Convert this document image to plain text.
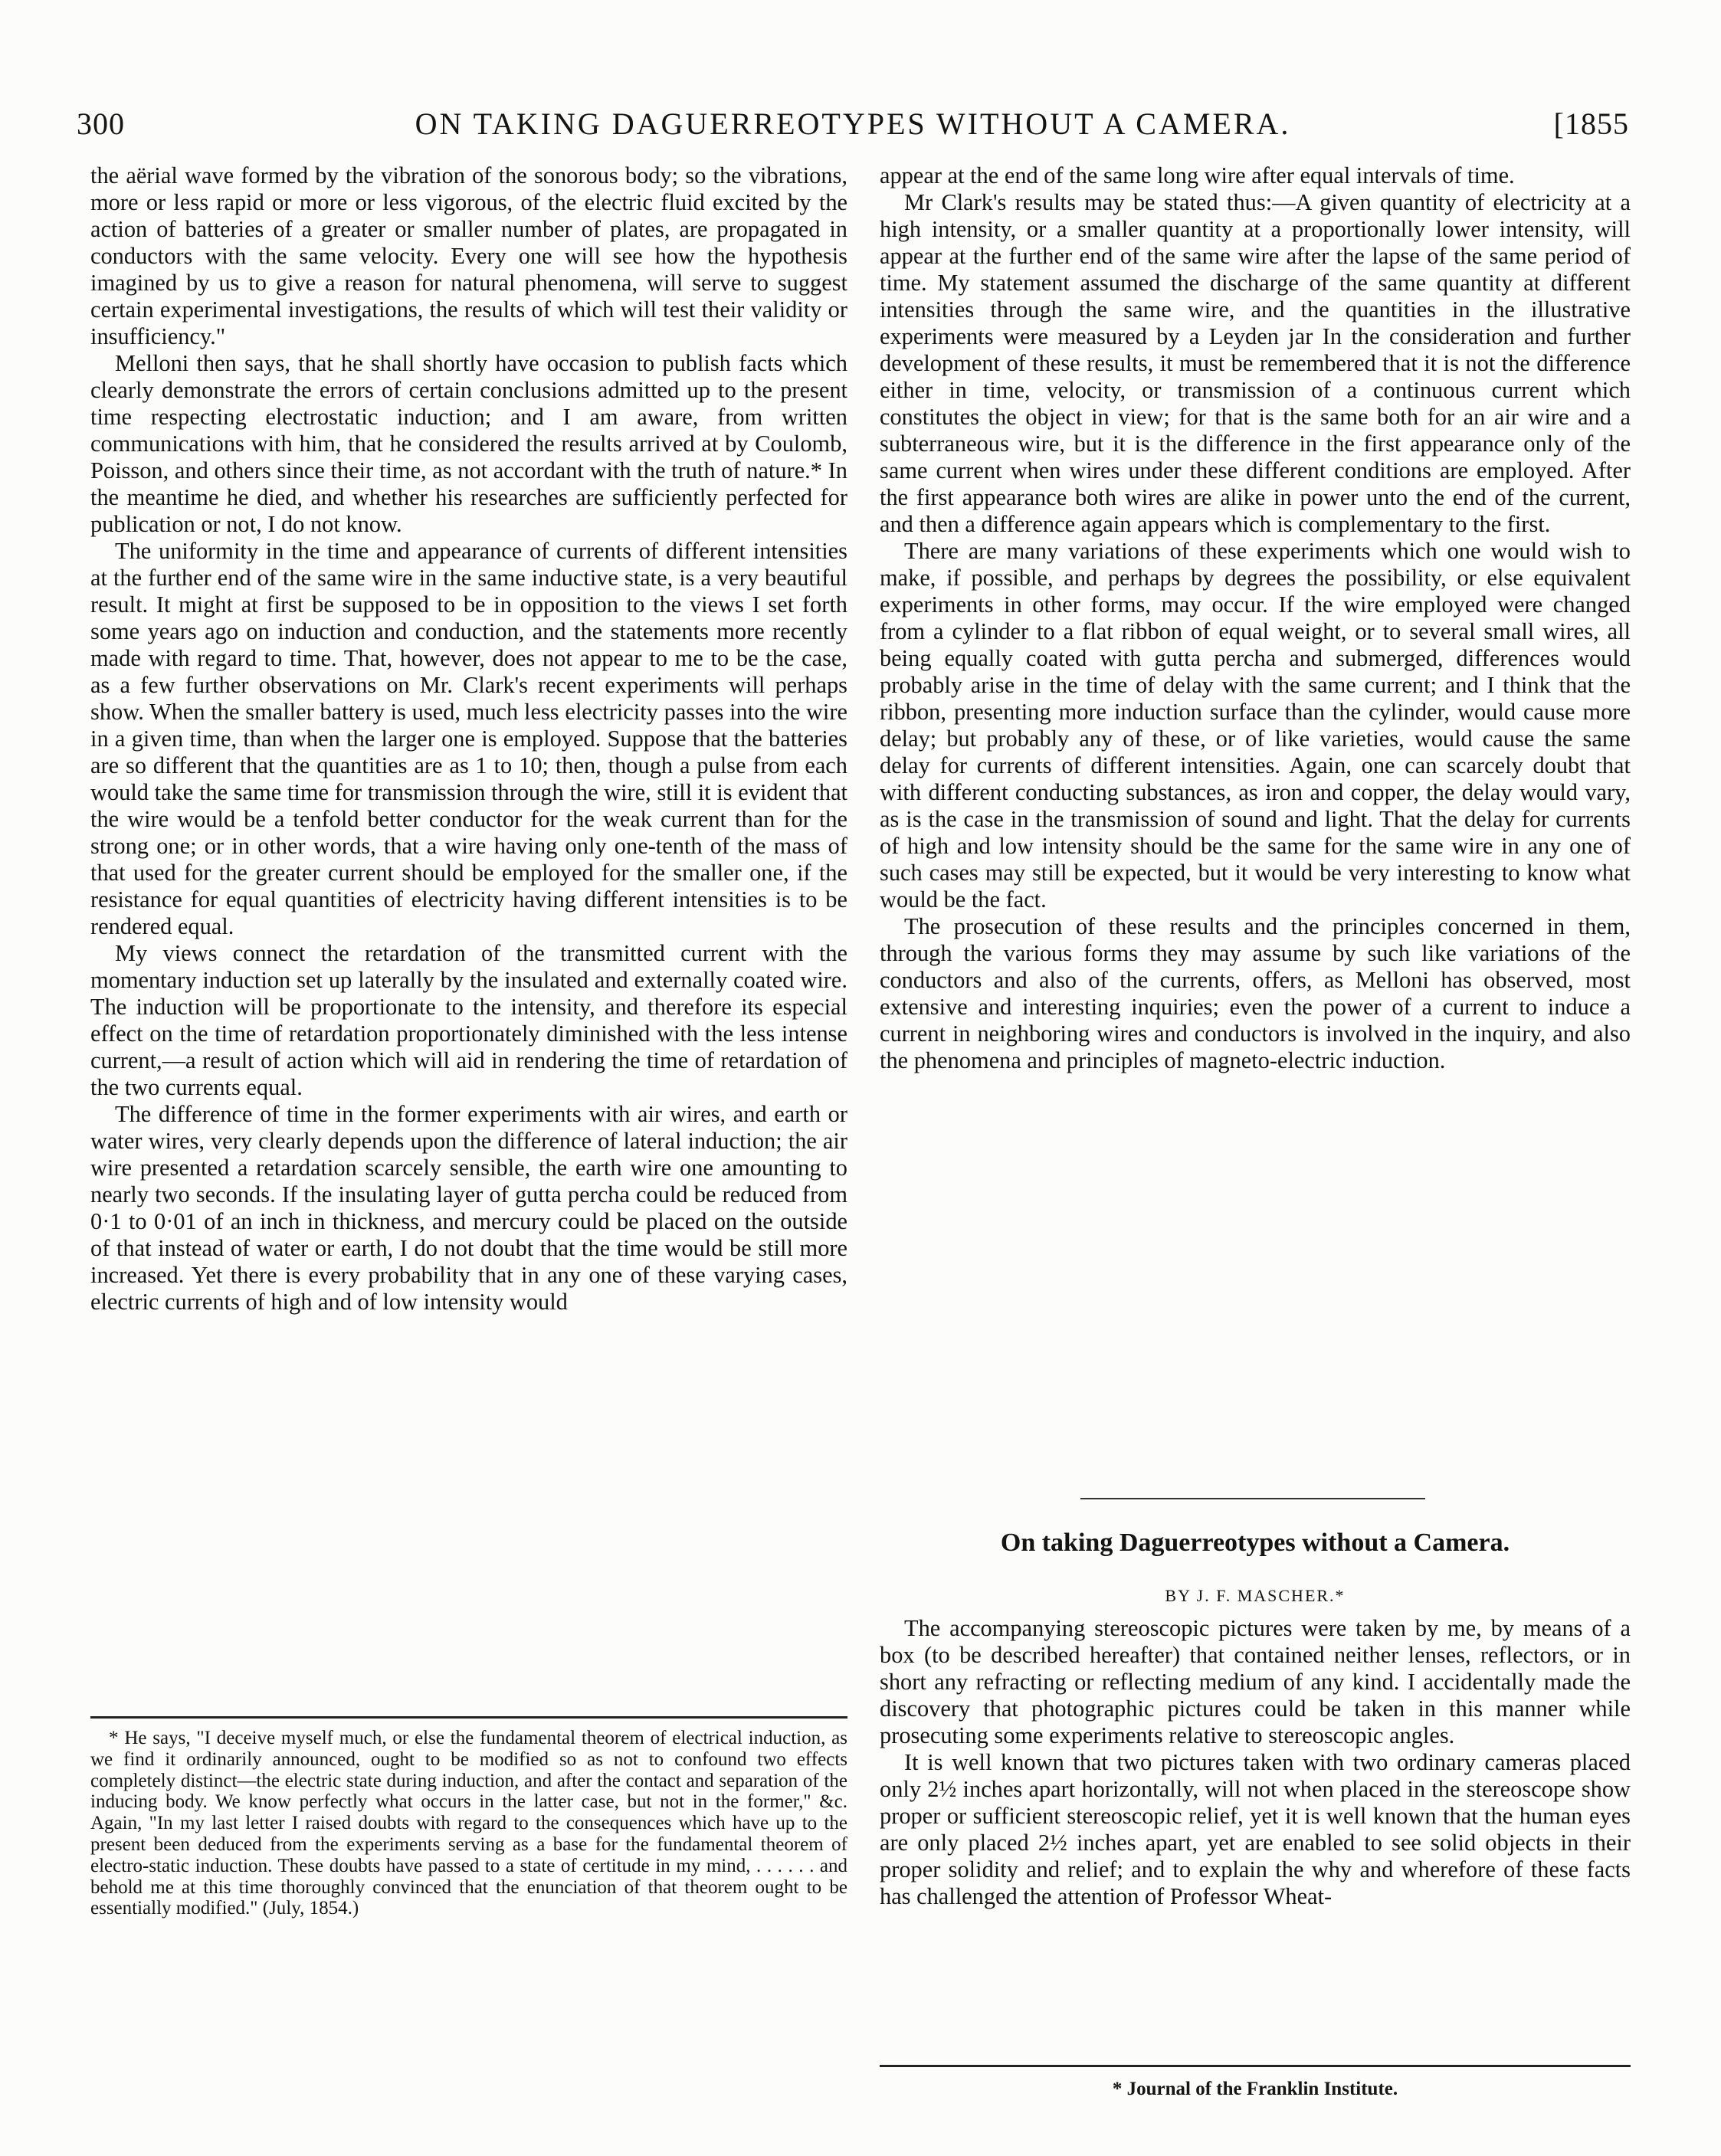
300	ON TAKING DAGUERREOTYPES WITHOUT A CAMERA.	[1855

the aërial wave formed by the vibration of the sonorous body; so the vibrations, more or less rapid or more or less vigorous, of the electric fluid excited by the action of batteries of a greater or smaller number of plates, are propagated in conductors with the same velocity. Every one will see how the hypothesis imagined by us to give a reason for natural phenomena, will serve to suggest certain experimental investigations, the results of which will test their validity or insufficiency."

Melloni then says, that he shall shortly have occasion to publish facts which clearly demonstrate the errors of certain conclusions admitted up to the present time respecting electrostatic induction; and I am aware, from written communications with him, that he considered the results arrived at by Coulomb, Poisson, and others since their time, as not accordant with the truth of nature.* In the meantime he died, and whether his researches are sufficiently perfected for publication or not, I do not know.

The uniformity in the time and appearance of currents of different intensities at the further end of the same wire in the same inductive state, is a very beautiful result. It might at first be supposed to be in opposition to the views I set forth some years ago on induction and conduction, and the statements more recently made with regard to time. That, however, does not appear to me to be the case, as a few further observations on Mr. Clark's recent experiments will perhaps show. When the smaller battery is used, much less electricity passes into the wire in a given time, than when the larger one is employed. Suppose that the batteries are so different that the quantities are as 1 to 10; then, though a pulse from each would take the same time for transmission through the wire, still it is evident that the wire would be a tenfold better conductor for the weak current than for the strong one; or in other words, that a wire having only one-tenth of the mass of that used for the greater current should be employed for the smaller one, if the resistance for equal quantities of electricity having different intensities is to be rendered equal.

My views connect the retardation of the transmitted current with the momentary induction set up laterally by the insulated and externally coated wire. The induction will be proportionate to the intensity, and therefore its especial effect on the time of retardation proportionately diminished with the less intense current,—a result of action which will aid in rendering the time of retardation of the two currents equal.

The difference of time in the former experiments with air wires, and earth or water wires, very clearly depends upon the difference of lateral induction; the air wire presented a retardation scarcely sensible, the earth wire one amounting to nearly two seconds. If the insulating layer of gutta percha could be reduced from 0·1 to 0·01 of an inch in thickness, and mercury could be placed on the outside of that instead of water or earth, I do not doubt that the time would be still more increased. Yet there is every probability that in any one of these varying cases, electric currents of high and of low intensity would

* He says, "I deceive myself much, or else the fundamental theorem of electrical induction, as we find it ordinarily announced, ought to be modified so as not to confound two effects completely distinct—the electric state during induction, and after the contact and separation of the inducing body. We know perfectly what occurs in the latter case, but not in the former," &c. Again, "In my last letter I raised doubts with regard to the consequences which have up to the present been deduced from the experiments serving as a base for the fundamental theorem of electro-static induction. These doubts have passed to a state of certitude in my mind, . . . . . . and behold me at this time thoroughly convinced that the enunciation of that theorem ought to be essentially modified." (July, 1854.)

appear at the end of the same long wire after equal intervals of time.

Mr Clark's results may be stated thus:—A given quantity of electricity at a high intensity, or a smaller quantity at a proportionally lower intensity, will appear at the further end of the same wire after the lapse of the same period of time. My statement assumed the discharge of the same quantity at different intensities through the same wire, and the quantities in the illustrative experiments were measured by a Leyden jar In the consideration and further development of these results, it must be remembered that it is not the difference either in time, velocity, or transmission of a continuous current which constitutes the object in view; for that is the same both for an air wire and a subterraneous wire, but it is the difference in the first appearance only of the same current when wires under these different conditions are employed. After the first appearance both wires are alike in power unto the end of the current, and then a difference again appears which is complementary to the first.

There are many variations of these experiments which one would wish to make, if possible, and perhaps by degrees the possibility, or else equivalent experiments in other forms, may occur. If the wire employed were changed from a cylinder to a flat ribbon of equal weight, or to several small wires, all being equally coated with gutta percha and submerged, differences would probably arise in the time of delay with the same current; and I think that the ribbon, presenting more induction surface than the cylinder, would cause more delay; but probably any of these, or of like varieties, would cause the same delay for currents of different intensities. Again, one can scarcely doubt that with different conducting substances, as iron and copper, the delay would vary, as is the case in the transmission of sound and light. That the delay for currents of high and low intensity should be the same for the same wire in any one of such cases may still be expected, but it would be very interesting to know what would be the fact.

The prosecution of these results and the principles concerned in them, through the various forms they may assume by such like variations of the conductors and also of the currents, offers, as Melloni has observed, most extensive and interesting inquiries; even the power of a current to induce a current in neighboring wires and conductors is involved in the inquiry, and also the phenomena and principles of magneto-electric induction.

On taking Daguerreotypes without a Camera.
BY J. F. MASCHER.*

The accompanying stereoscopic pictures were taken by me, by means of a box (to be described hereafter) that contained neither lenses, reflectors, or in short any refracting or reflecting medium of any kind. I accidentally made the discovery that photographic pictures could be taken in this manner while prosecuting some experiments relative to stereoscopic angles.

It is well known that two pictures taken with two ordinary cameras placed only 2½ inches apart horizontally, will not when placed in the stereoscope show proper or sufficient stereoscopic relief, yet it is well known that the human eyes are only placed 2½ inches apart, yet are enabled to see solid objects in their proper solidity and relief; and to explain the why and wherefore of these facts has challenged the attention of Professor Wheat-

* Journal of the Franklin Institute.
